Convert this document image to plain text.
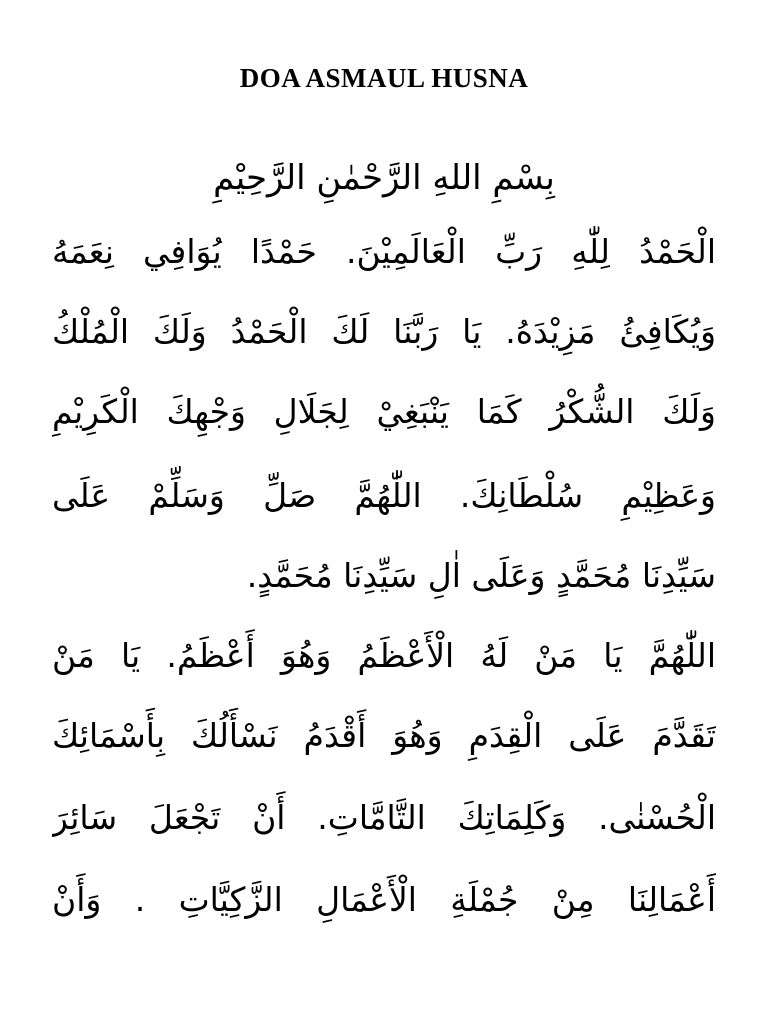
DOA ASMAUL HUSNA
بِسْمِ اللهِ الرَّحْمٰنِ الرَّحِيْمِ
الْحَمْدُ لِلّٰهِ رَبِّ الْعَالَمِيْنَ. حَمْدًا يُوَافِي نِعَمَهُ
وَيُكَافِئُ مَزِيْدَهُ. يَا رَبَّنَا لَكَ الْحَمْدُ وَلَكَ الْمُلْكُ
وَلَكَ الشُّكْرُ كَمَا يَنْبَغِيْ لِجَلَالِ وَجْهِكَ الْكَرِيْمِ
وَعَظِيْمِ سُلْطَانِكَ. اللّٰهُمَّ صَلِّ وَسَلِّمْ عَلَى
سَيِّدِنَا مُحَمَّدٍ وَعَلَى اٰلِ سَيِّدِنَا مُحَمَّدٍ.
اللّٰهُمَّ يَا مَنْ لَهُ الْأَعْظَمُ وَهُوَ أَعْظَمُ. يَا مَنْ
تَقَدَّمَ عَلَى الْقِدَمِ وَهُوَ أَقْدَمُ نَسْأَلُكَ بِأَسْمَائِكَ
الْحُسْنٰى. وَكَلِمَاتِكَ التَّامَّاتِ. أَنْ تَجْعَلَ سَائِرَ
أَعْمَالِنَا مِنْ جُمْلَةِ الْأَعْمَالِ الزَّكِيَّاتِ . وَأَنْ
